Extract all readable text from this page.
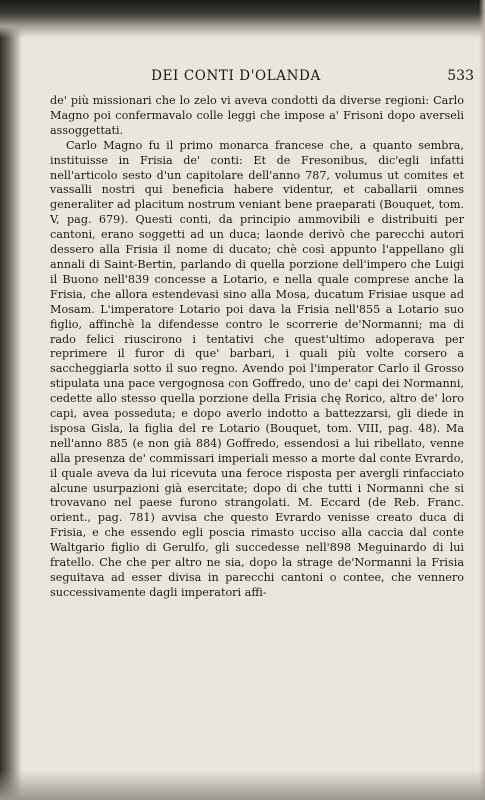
DEI CONTI D'OLANDA	533

de' più missionari che lo zelo vi aveva condotti da diverse regioni: Carlo Magno poi confermavalo colle leggi che impose a' Frisoni dopo averseli assoggettati.

Carlo Magno fu il primo monarca francese che, a quanto sembra, instituisse in Frisia de' conti: Et de Fresonibus, dic'egli infatti nell'articolo sesto d'un capitolare dell'anno 787, volumus ut comites et vassalli nostri qui beneficia habere videntur, et caballarii omnes generaliter ad placitum nostrum veniant bene praeparati (Bouquet, tom. V, pag. 679). Questi conti, da principio ammovibili e distribuiti per cantoni, erano soggetti ad un duca; laonde derivò che parecchi autori dessero alla Frisia il nome di ducato; chè così appunto l'appellano gli annali di Saint-Bertin, parlando di quella porzione dell'impero che Luigi il Buono nell'839 concesse a Lotario, e nella quale comprese anche la Frisia, che allora estendevasi sino alla Mosa, ducatum Frisiae usque ad Mosam. L'imperatore Lotario poi dava la Frisia nell'855 a Lotario suo figlio, affinchè la difendesse contro le scorrerie de'Normanni; ma di rado felici riuscirono i tentativi che quest'ultimo adoperava per reprimere il furor di que' barbari, i quali più volte corsero a saccheggiarla sotto il suo regno. Avendo poi l'imperator Carlo il Grosso stipulata una pace vergognosa con Goffredo, uno de' capi dei Normanni, cedette allo stesso quella porzione della Frisia chę Rorico, altro de' loro capi, avea posseduta; e dopo averlo indotto a battezzarsi, gli diede in isposa Gisla, la figlia del re Lotario (Bouquet, tom. VIII, pag. 48). Ma nell'anno 885 (e non già 884) Goffredo, essendosi a lui ribellato, venne alla presenza de' commissari imperiali messo a morte dal conte Evrardo, il quale aveva da lui ricevuta una feroce risposta per avergli rinfacciato alcune usurpazioni già esercitate; dopo di che tutti i Normanni che si trovavano nel paese furono strangolati. M. Eccard (de Reb. Franc. orient., pag. 781) avvisa che questo Evrardo venisse creato duca di Frisia, e che essendo egli poscia rimasto ucciso alla caccia dal conte Waltgario figlio di Gerulfo, gli succedesse nell'898 Meguinardo di lui fratello. Che che per altro ne sia, dopo la strage de'Normanni la Frisia seguitava ad esser divisa in parecchi cantoni o contee, che vennero successivamente dagli imperatori affi-
